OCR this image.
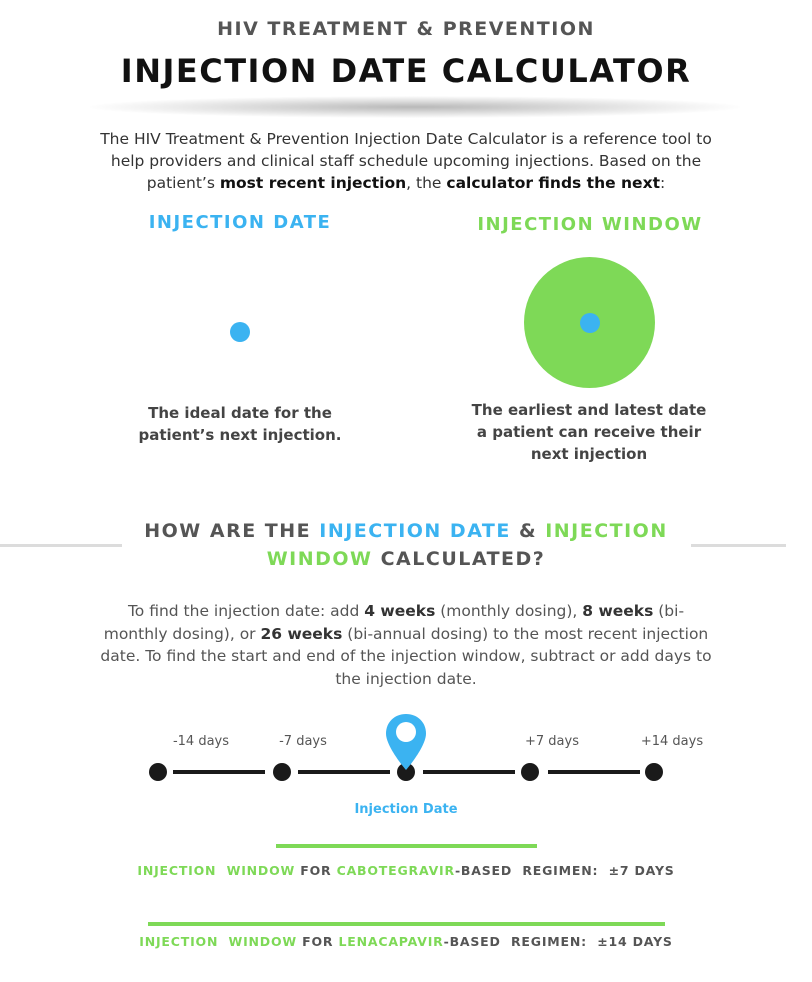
HIV TREATMENT & PREVENTION
INJECTION DATE CALCULATOR
The HIV Treatment & Prevention Injection Date Calculator is a reference tool to help providers and clinical staff schedule upcoming injections. Based on the patient’s most recent injection, the calculator finds the next:
INJECTION DATE
The ideal date for the patient’s next injection.
INJECTION WINDOW
The earliest and latest date a patient can receive their next injection
HOW ARE THE INJECTION DATE & INJECTION
WINDOW CALCULATED?
To find the injection date: add 4 weeks (monthly dosing), 8 weeks (bi-monthly dosing), or 26 weeks (bi-annual dosing) to the most recent injection date. To find the start and end of the injection window, subtract or add days to the injection date.
-14 days	-7 days	+7 days	+14 days
Injection Date
INJECTION  WINDOW FOR CABOTEGRAVIR-BASED  REGIMEN:  ±7 DAYS
INJECTION  WINDOW FOR LENACAPAVIR-BASED  REGIMEN:  ±14 DAYS
